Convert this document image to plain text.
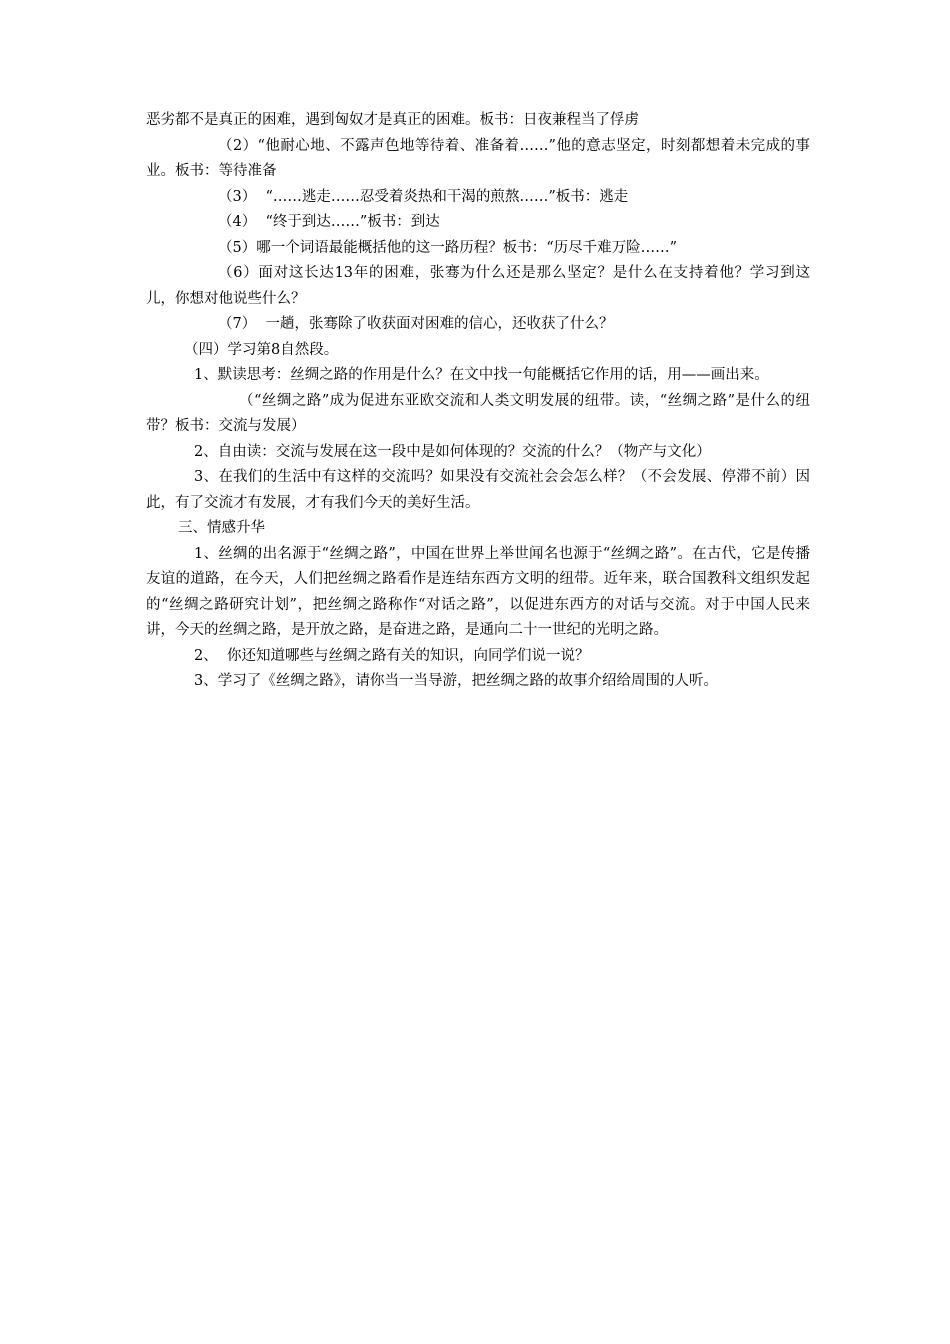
恶劣都不是真正的困难，遇到匈奴才是真正的困难。板书：日夜兼程当了俘虏

（2）“他耐心地、不露声色地等待着、准备着……”他的意志坚定，时刻都想着未完成的事业。板书：等待准备

（3）  “……逃走……忍受着炎热和干渴的煎熬……”板书：逃走

（4）  “终于到达……”板书：到达

（5）哪一个词语最能概括他的这一路历程？板书：“历尽千难万险……”

（6）面对这长达13年的困难，张骞为什么还是那么坚定？是什么在支持着他？学习到这儿，你想对他说些什么？

（7）  一趟，张骞除了收获面对困难的信心，还收获了什么？

（四）学习第8自然段。

1、默读思考：丝绸之路的作用是什么？在文中找一句能概括它作用的话，用——画出来。

（“丝绸之路”成为促进东亚欧交流和人类文明发展的纽带。读，“丝绸之路”是什么的纽带？板书：交流与发展）

2、自由读：交流与发展在这一段中是如何体现的？交流的什么？（物产与文化）

3、在我们的生活中有这样的交流吗？如果没有交流社会会怎么样？（不会发展、停滞不前）因此，有了交流才有发展，才有我们今天的美好生活。

三、情感升华

1、丝绸的出名源于“丝绸之路”，中国在世界上举世闻名也源于“丝绸之路”。在古代，它是传播友谊的道路，在今天，人们把丝绸之路看作是连结东西方文明的纽带。近年来，联合国教科文组织发起的“丝绸之路研究计划”，把丝绸之路称作“对话之路”，以促进东西方的对话与交流。对于中国人民来讲，今天的丝绸之路，是开放之路，是奋进之路，是通向二十一世纪的光明之路。

2、  你还知道哪些与丝绸之路有关的知识，向同学们说一说？

3、学习了《丝绸之路》，请你当一当导游，把丝绸之路的故事介绍给周围的人听。
